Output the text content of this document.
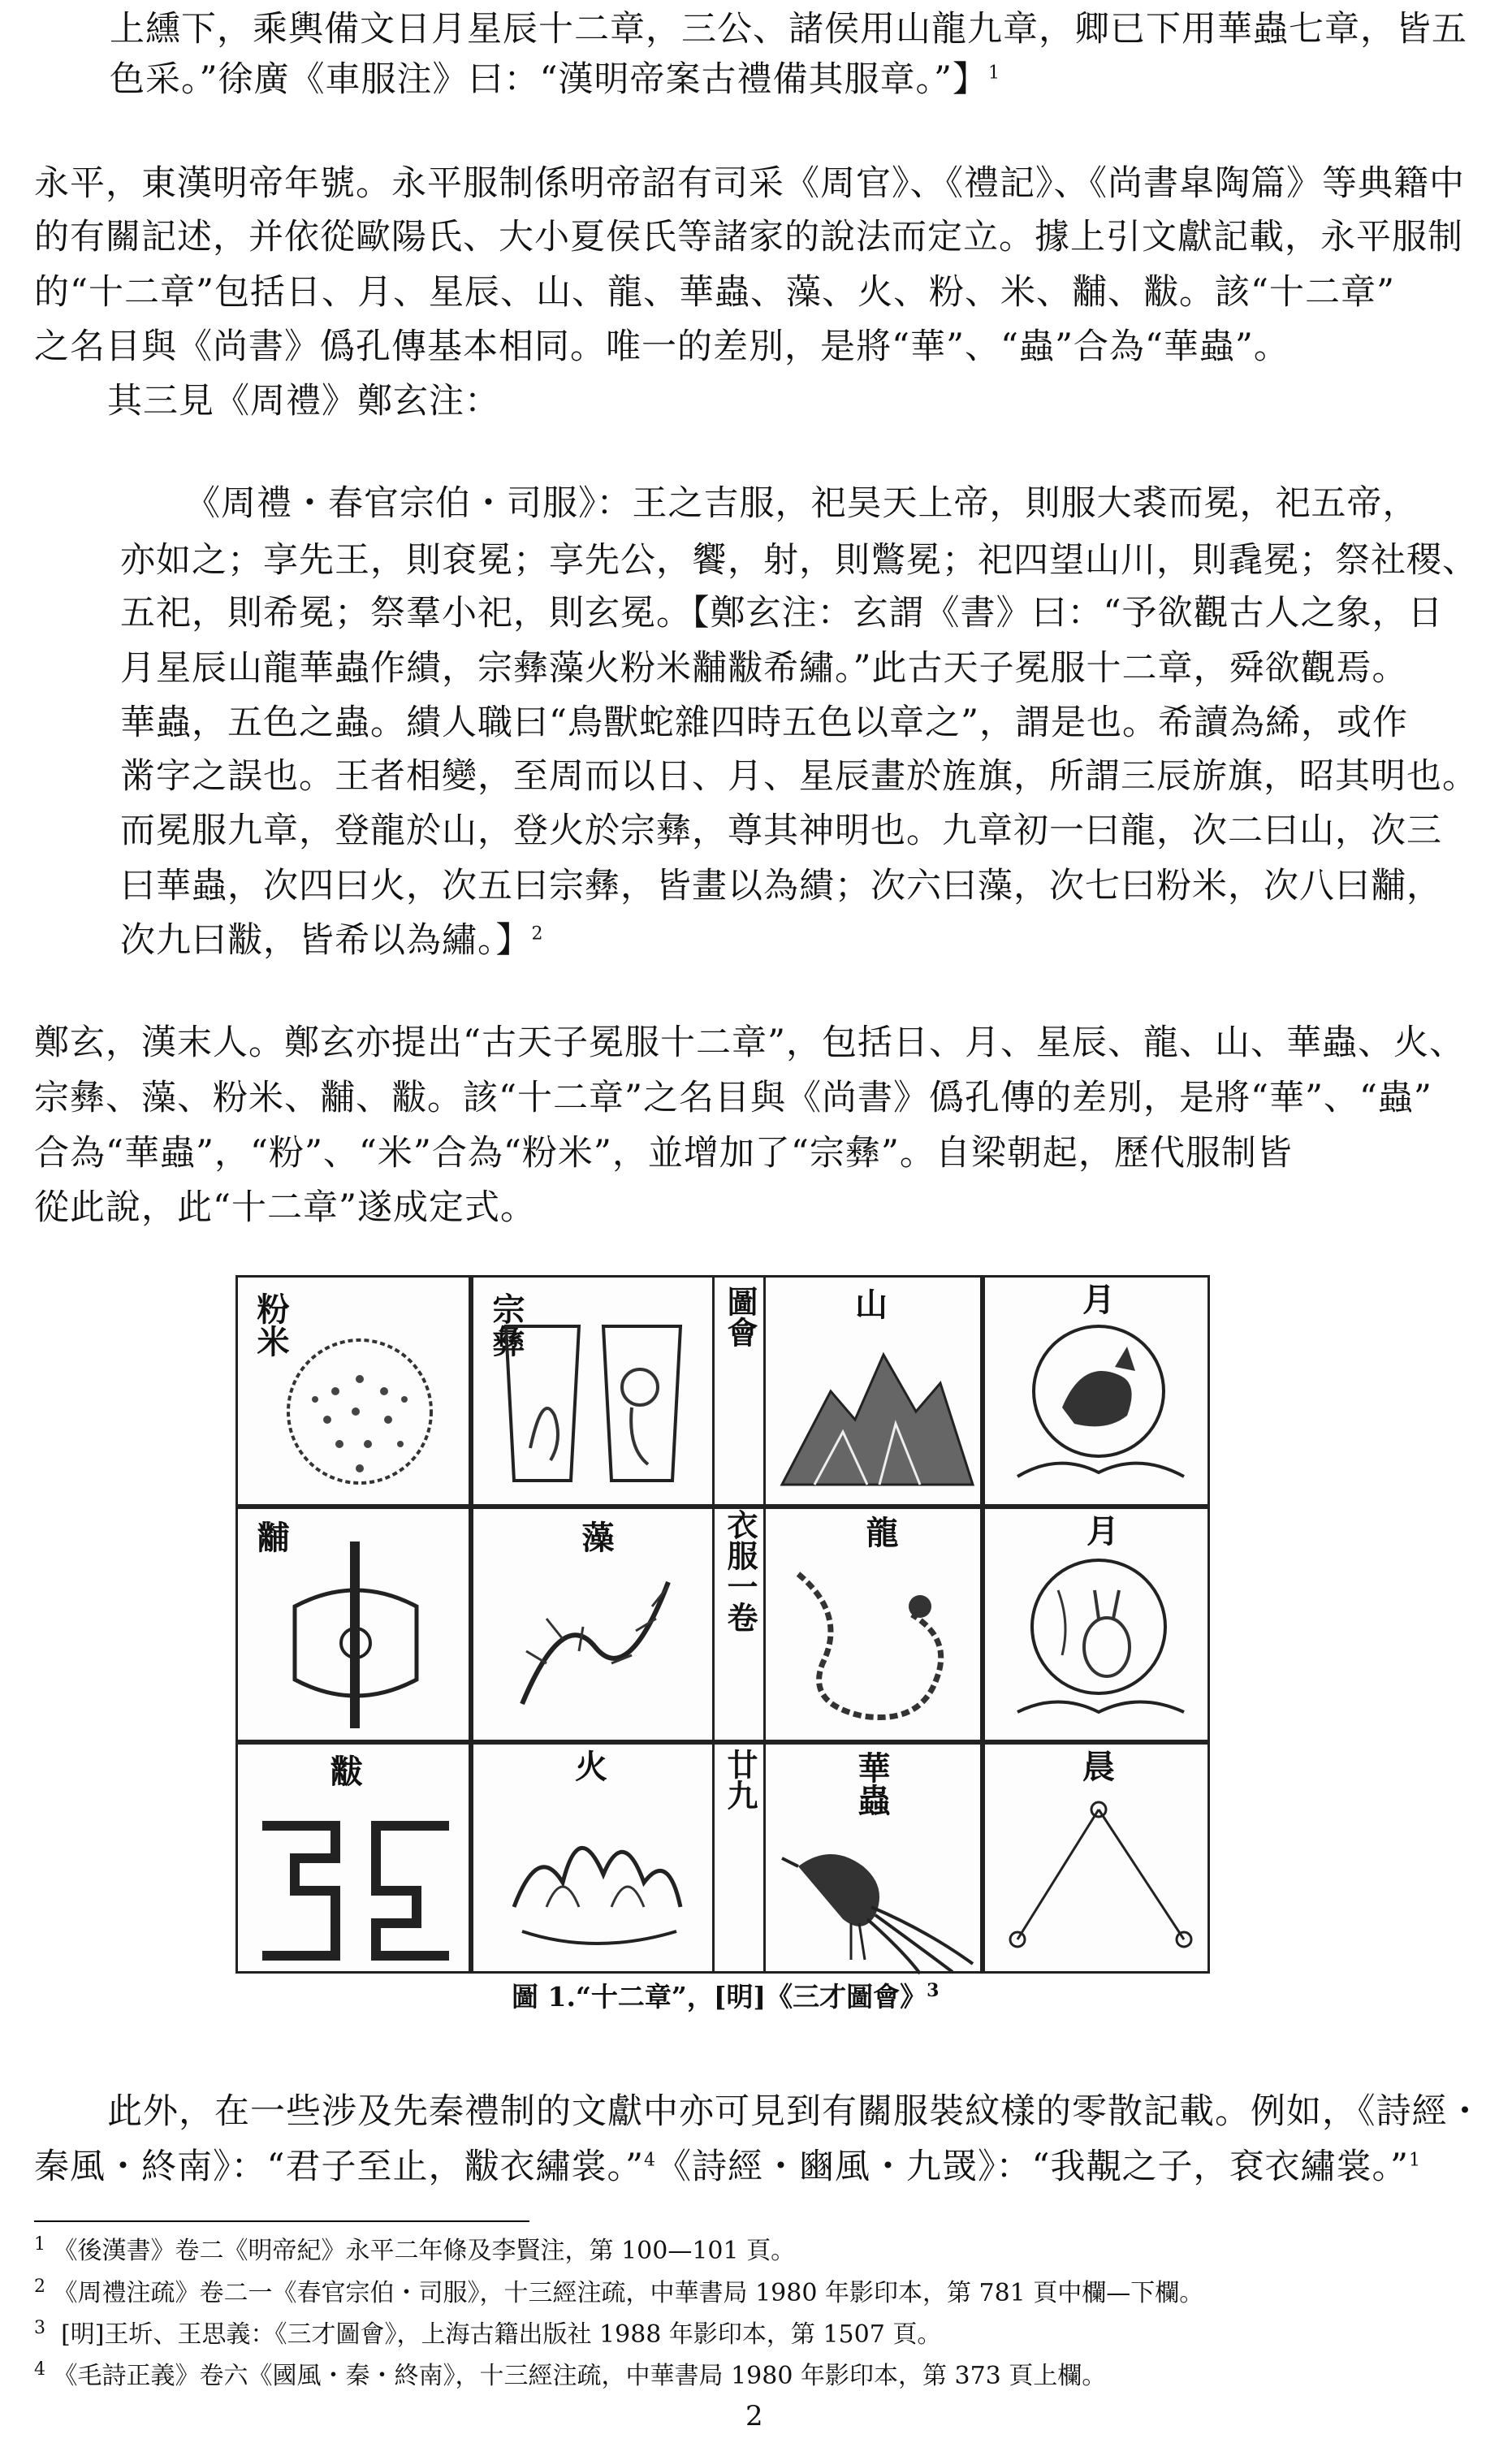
上纁下，乘輿備文日月星辰十二章，三公、諸侯用山龍九章，卿已下用華蟲七章，皆五
色采。”徐廣《車服注》曰：“漢明帝案古禮備其服章。”】$^1$
永平，東漢明帝年號。永平服制係明帝詔有司采《周官》、《禮記》、《尚書皐陶篇》等典籍中
的有關記述，并依從歐陽氏、大小夏侯氏等諸家的說法而定立。據上引文獻記載，永平服制
的“十二章”包括日、月、星辰、山、龍、華蟲、藻、火、粉、米、黼、黻。該“十二章”
之名目與《尚書》僞孔傳基本相同。唯一的差別，是將“華”、“蟲”合為“華蟲”。
其三見《周禮》鄭玄注：
《周禮・春官宗伯・司服》：王之吉服，祀昊天上帝，則服大裘而冕，祀五帝，
亦如之；享先王，則袞冕；享先公，饗，射，則鷩冕；祀四望山川，則毳冕；祭社稷、
五祀，則希冕；祭羣小祀，則玄冕。【鄭玄注：玄謂《書》曰：“予欲觀古人之象，日
月星辰山龍華蟲作繢，宗彝藻火粉米黼黻希繡。”此古天子冕服十二章，舜欲觀焉。
華蟲，五色之蟲。繢人職曰“鳥獸蛇雜四時五色以章之”，謂是也。希讀為絺，或作
黹字之誤也。王者相變，至周而以日、月、星辰畫於旌旗，所謂三辰旂旗，昭其明也。
而冕服九章，登龍於山，登火於宗彝，尊其神明也。九章初一曰龍，次二曰山，次三
曰華蟲，次四曰火，次五曰宗彝，皆畫以為繢；次六曰藻，次七曰粉米，次八曰黼，
次九曰黻，皆希以為繡。】$^2$
鄭玄，漢末人。鄭玄亦提出“古天子冕服十二章”，包括日、月、星辰、龍、山、華蟲、火、
宗彝、藻、粉米、黼、黻。該“十二章”之名目與《尚書》僞孔傳的差別，是將“華”、“蟲”
合為“華蟲”，“粉”、“米”合為“粉米”，並增加了“宗彝”。自梁朝起，歷代服制皆
從此說，此“十二章”遂成定式。
粉米	宗彝	圖會	山	月
黼	藻	衣服一卷	龍	月
黻	火	廿九	華蟲	晨
圖 1.“十二章”，[明]《三才圖會》$^3$
此外，在一些涉及先秦禮制的文獻中亦可見到有關服裝紋樣的零散記載。例如，《詩經・
秦風・終南》：“君子至止，黻衣繡裳。”$^4$《詩經・豳風・九罭》：“我覯之子，袞衣繡裳。”$^1$
$^1$ 《後漢書》卷二《明帝紀》永平二年條及李賢注，第 100—101 頁。
$^2$ 《周禮注疏》卷二一《春官宗伯・司服》，十三經注疏，中華書局 1980 年影印本，第 781 頁中欄—下欄。
$^3$ [明]王圻、王思義：《三才圖會》，上海古籍出版社 1988 年影印本，第 1507 頁。
$^4$ 《毛詩正義》卷六《國風・秦・終南》，十三經注疏，中華書局 1980 年影印本，第 373 頁上欄。
2
